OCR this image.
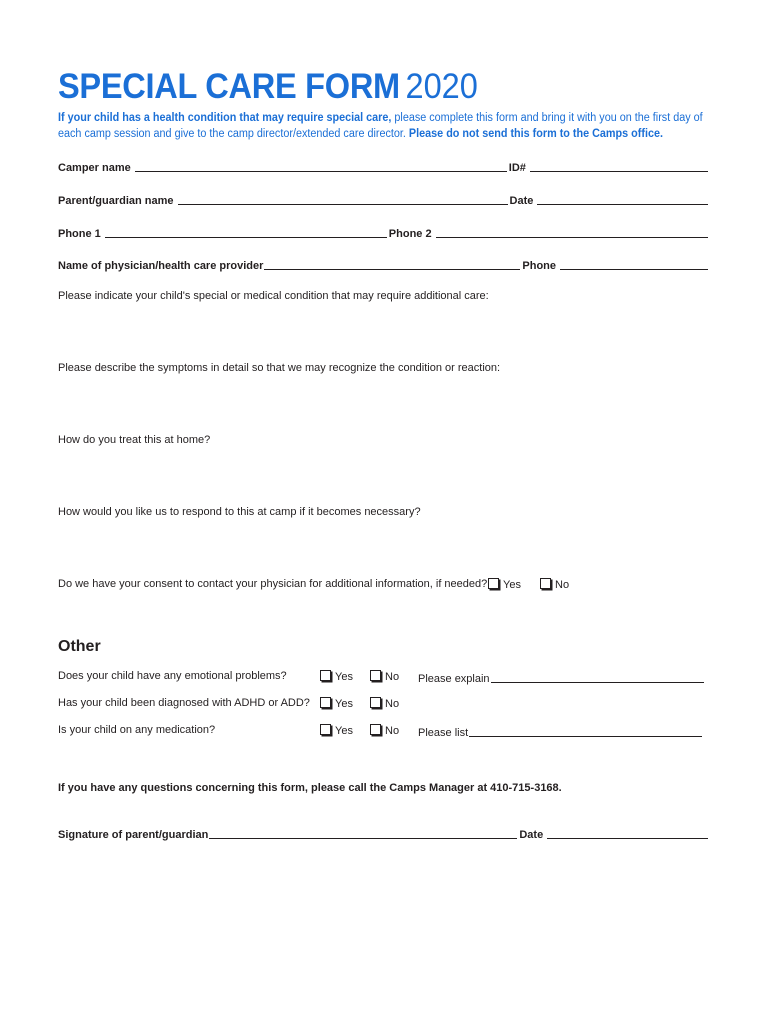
SPECIAL CARE FORM 2020
If your child has a health condition that may require special care, please complete this form and bring it with you on the first day of each camp session and give to the camp director/extended care director. Please do not send this form to the Camps office.
Camper name	ID#
Parent/guardian name	Date
Phone 1	Phone 2
Name of physician/health care provider	Phone
Please indicate your child's special or medical condition that may require additional care:
Please describe the symptoms in detail so that we may recognize the condition or reaction:
How do you treat this at home?
How would you like us to respond to this at camp if it becomes necessary?
Do we have your consent to contact your physician for additional information, if needed?	Yes	No
Other
Does your child have any emotional problems?	Yes	No Please explain
Has your child been diagnosed with ADHD or ADD?	Yes	No
Is your child on any medication?	Yes	No Please list
If you have any questions concerning this form, please call the Camps Manager at 410-715-3168.
Signature of parent/guardian	Date
